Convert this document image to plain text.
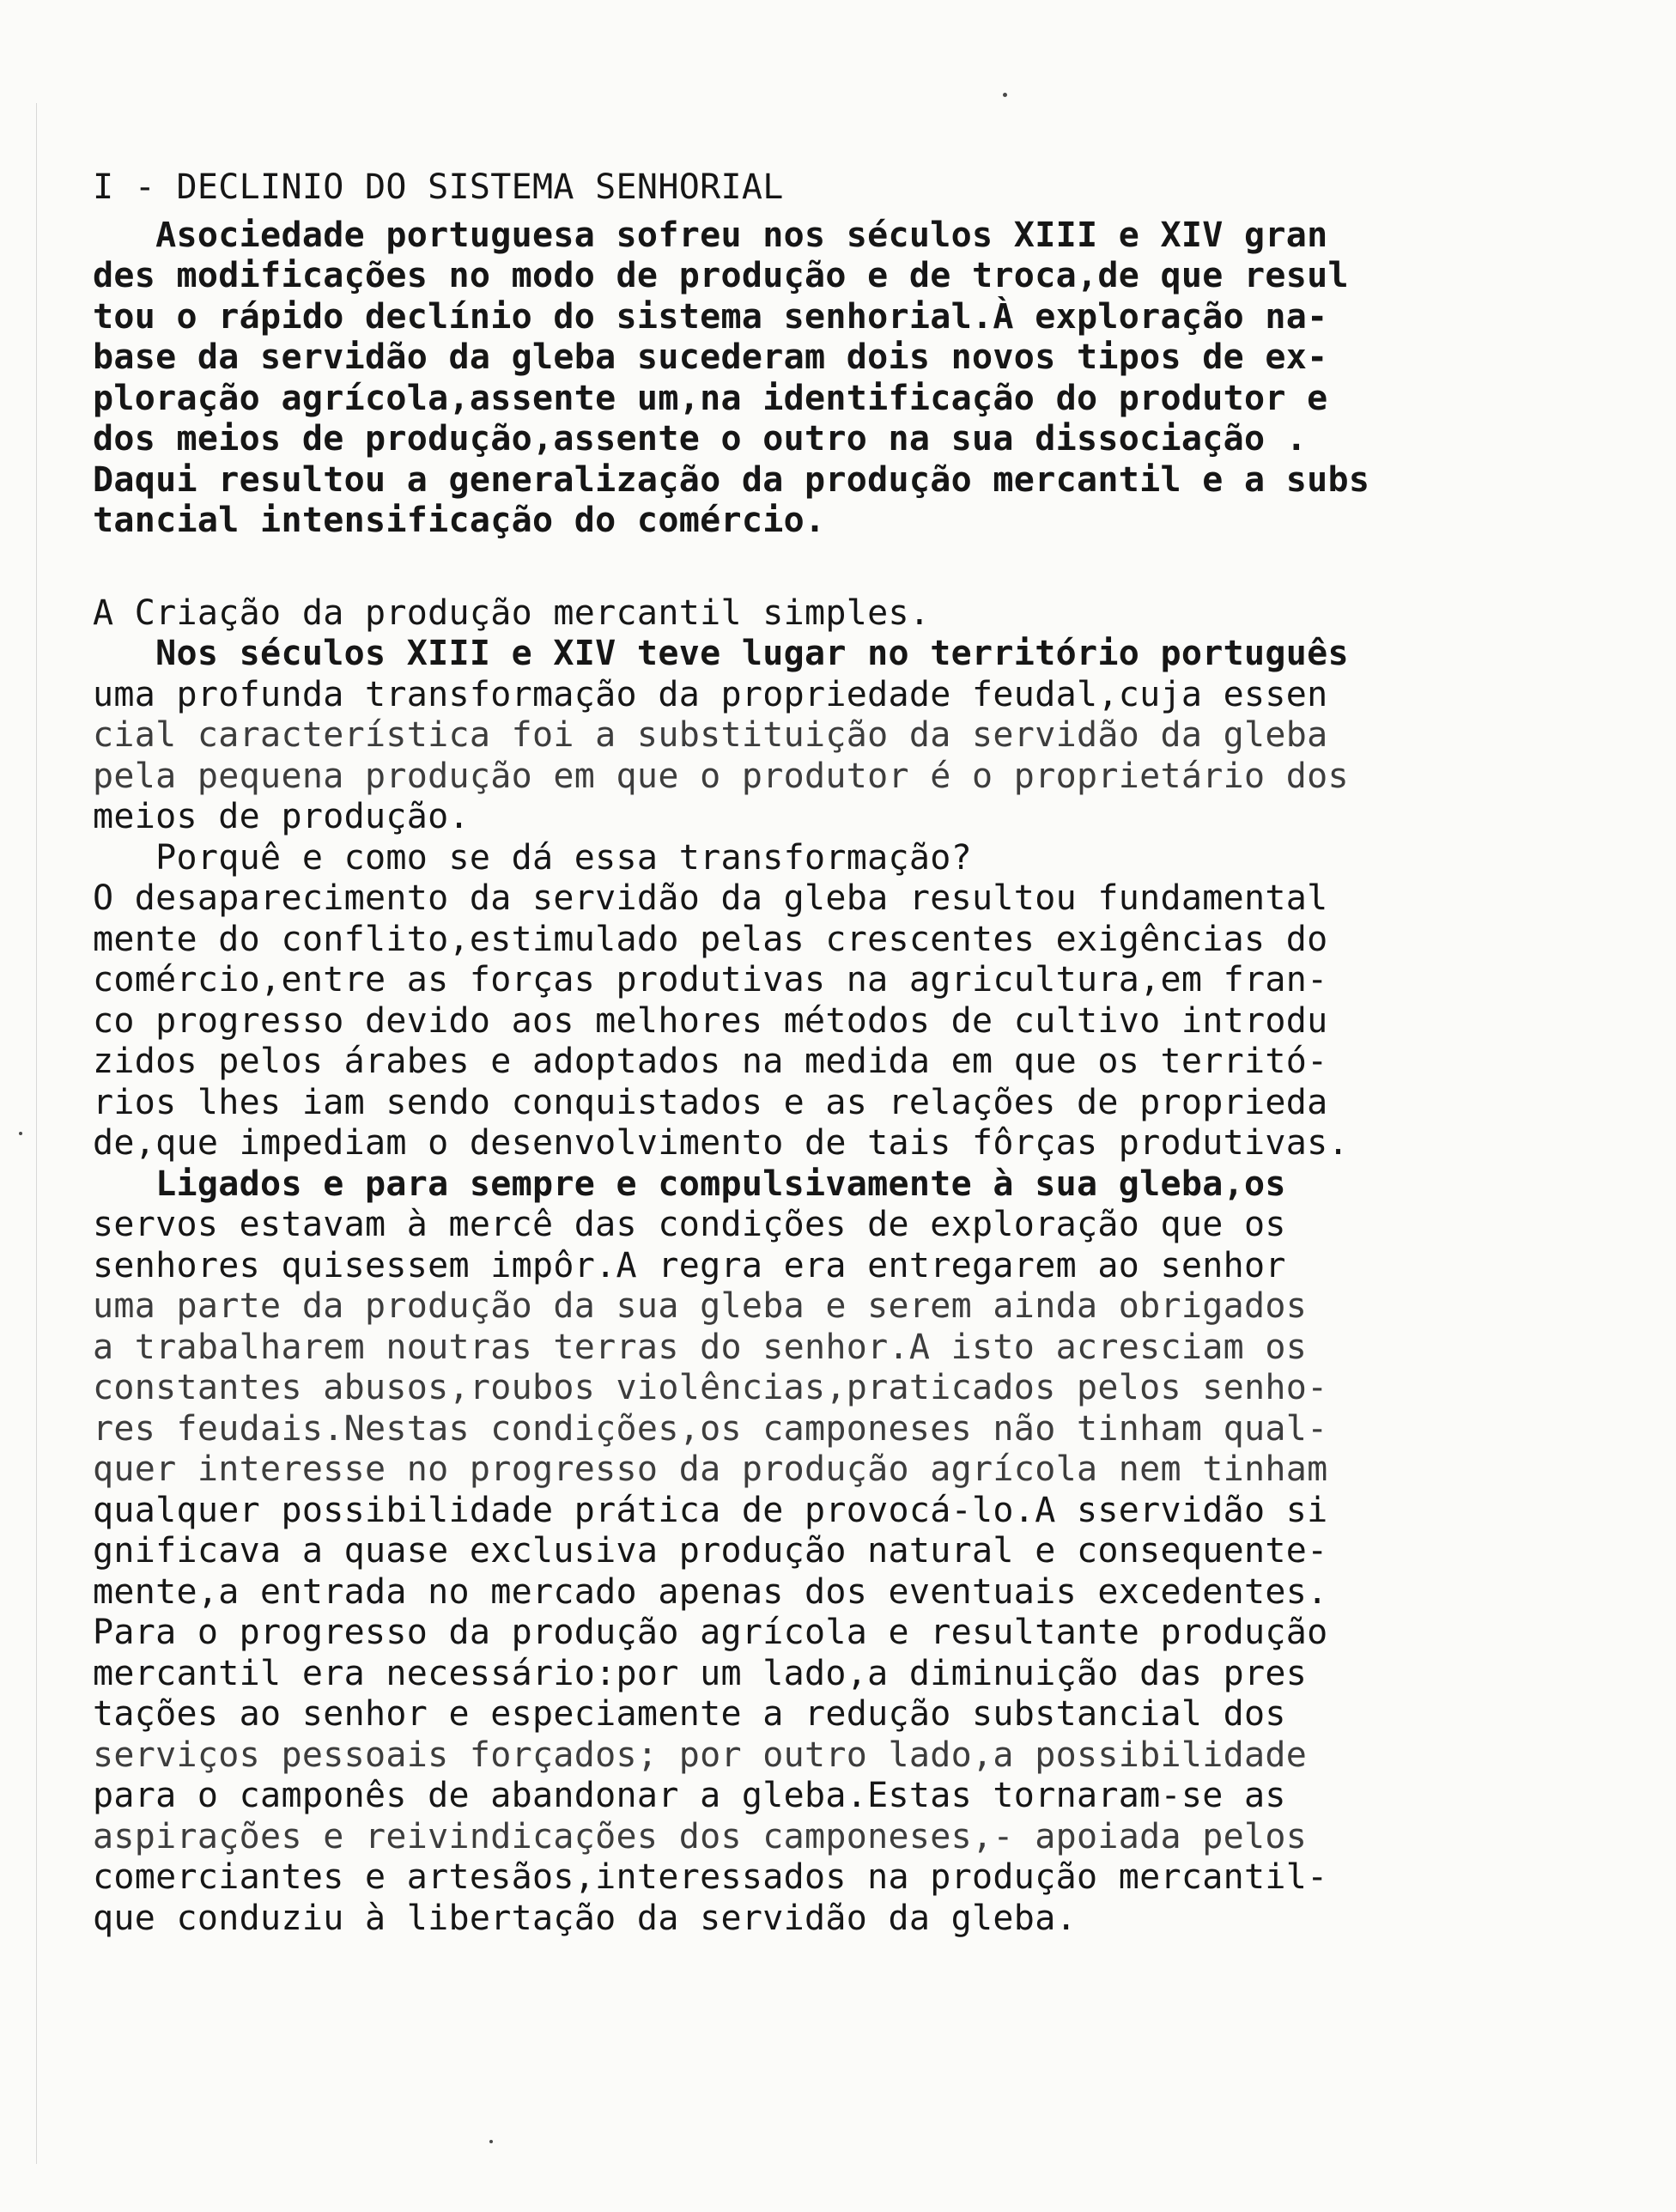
I - DECLINIO DO SISTEMA SENHORIAL
Asociedade portuguesa sofreu nos séculos XIII e XIV gran
des modificações no modo de produção e de troca,de que resul
tou o rápido declínio do sistema senhorial.À exploração na-
base da servidão da gleba sucederam dois novos tipos de ex-
ploração agrícola,assente um,na identificação do produtor e
dos meios de produção,assente o outro na sua dissociação .
Daqui resultou a generalização da produção mercantil e a subs
tancial intensificação do comércio.
A Criação da produção mercantil simples.
Nos séculos XIII e XIV teve lugar no território português
uma profunda transformação da propriedade feudal,cuja essen
cial característica foi a substituição da servidão da gleba
pela pequena produção em que o produtor é o proprietário dos
meios de produção.
Porquê e como se dá essa transformação?
O desaparecimento da servidão da gleba resultou fundamental
mente do conflito,estimulado pelas crescentes exigências do
comércio,entre as forças produtivas na agricultura,em fran-
co progresso devido aos melhores métodos de cultivo introdu
zidos pelos árabes e adoptados na medida em que os territó-
rios lhes iam sendo conquistados e as relações de proprieda
de,que impediam o desenvolvimento de tais fôrças produtivas.
Ligados e para sempre e compulsivamente à sua gleba,os
servos estavam à mercê das condições de exploração que os
senhores quisessem impôr.A regra era entregarem ao senhor
uma parte da produção da sua gleba e serem ainda obrigados
a trabalharem noutras terras do senhor.A isto acresciam os
constantes abusos,roubos violências,praticados pelos senho-
res feudais.Nestas condições,os camponeses não tinham qual-
quer interesse no progresso da produção agrícola nem tinham
qualquer possibilidade prática de provocá-lo.A sservidão si
gnificava a quase exclusiva produção natural e consequente-
mente,a entrada no mercado apenas dos eventuais excedentes.
Para o progresso da produção agrícola e resultante produção
mercantil era necessário:por um lado,a diminuição das pres
tações ao senhor e especiamente a redução substancial dos
serviços pessoais forçados; por outro lado,a possibilidade
para o camponês de abandonar a gleba.Estas tornaram-se as
aspirações e reivindicações dos camponeses,- apoiada pelos
comerciantes e artesãos,interessados na produção mercantil-
que conduziu à libertação da servidão da gleba.
